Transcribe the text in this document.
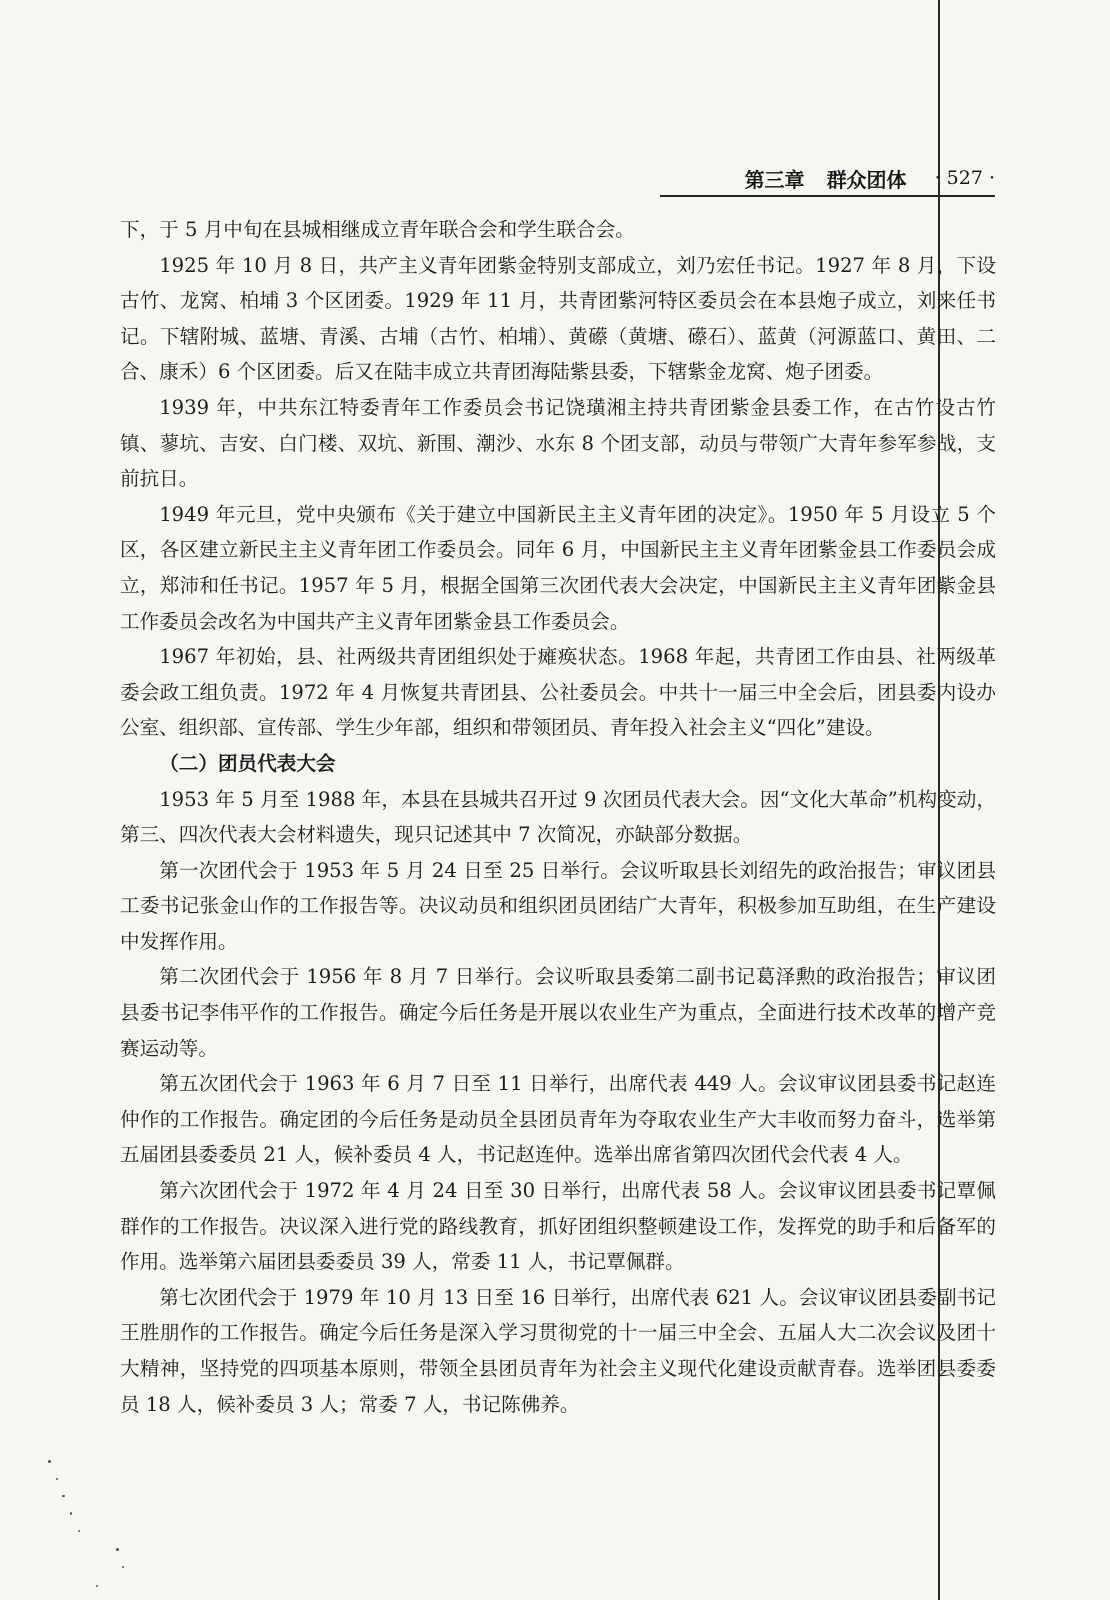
第三章 群众团体 · 527 ·

下，于 5 月中旬在县城相继成立青年联合会和学生联合会。

1925 年 10 月 8 日，共产主义青年团紫金特别支部成立，刘乃宏任书记。1927 年 8 月，下设古竹、龙窝、柏埔 3 个区团委。1929 年 11 月，共青团紫河特区委员会在本县炮子成立，刘来任书记。下辖附城、蓝塘、青溪、古埔（古竹、柏埔）、黄礤（黄塘、礤石）、蓝黄（河源蓝口、黄田、二合、康禾）6 个区团委。后又在陆丰成立共青团海陆紫县委，下辖紫金龙窝、炮子团委。

1939 年，中共东江特委青年工作委员会书记饶璜湘主持共青团紫金县委工作，在古竹设古竹镇、蓼坑、吉安、白门楼、双坑、新围、潮沙、水东 8 个团支部，动员与带领广大青年参军参战，支前抗日。

1949 年元旦，党中央颁布《关于建立中国新民主主义青年团的决定》。1950 年 5 月设立 5 个区，各区建立新民主主义青年团工作委员会。同年 6 月，中国新民主主义青年团紫金县工作委员会成立，郑沛和任书记。1957 年 5 月，根据全国第三次团代表大会决定，中国新民主主义青年团紫金县工作委员会改名为中国共产主义青年团紫金县工作委员会。

1967 年初始，县、社两级共青团组织处于瘫痪状态。1968 年起，共青团工作由县、社两级革委会政工组负责。1972 年 4 月恢复共青团县、公社委员会。中共十一届三中全会后，团县委内设办公室、组织部、宣传部、学生少年部，组织和带领团员、青年投入社会主义“四化”建设。

（二）团员代表大会

1953 年 5 月至 1988 年，本县在县城共召开过 9 次团员代表大会。因“文化大革命”机构变动，第三、四次代表大会材料遗失，现只记述其中 7 次简况，亦缺部分数据。

第一次团代会于 1953 年 5 月 24 日至 25 日举行。会议听取县长刘绍先的政治报告；审议团县工委书记张金山作的工作报告等。决议动员和组织团员团结广大青年，积极参加互助组，在生产建设中发挥作用。

第二次团代会于 1956 年 8 月 7 日举行。会议听取县委第二副书记葛泽勲的政治报告；审议团县委书记李伟平作的工作报告。确定今后任务是开展以农业生产为重点，全面进行技术改革的增产竞赛运动等。

第五次团代会于 1963 年 6 月 7 日至 11 日举行，出席代表 449 人。会议审议团县委书记赵连仲作的工作报告。确定团的今后任务是动员全县团员青年为夺取农业生产大丰收而努力奋斗，选举第五届团县委委员 21 人，候补委员 4 人，书记赵连仲。选举出席省第四次团代会代表 4 人。

第六次团代会于 1972 年 4 月 24 日至 30 日举行，出席代表 58 人。会议审议团县委书记覃佩群作的工作报告。决议深入进行党的路线教育，抓好团组织整顿建设工作，发挥党的助手和后备军的作用。选举第六届团县委委员 39 人，常委 11 人，书记覃佩群。

第七次团代会于 1979 年 10 月 13 日至 16 日举行，出席代表 621 人。会议审议团县委副书记王胜朋作的工作报告。确定今后任务是深入学习贯彻党的十一届三中全会、五届人大二次会议及团十大精神，坚持党的四项基本原则，带领全县团员青年为社会主义现代化建设贡献青春。选举团县委委员 18 人，候补委员 3 人；常委 7 人，书记陈佛养。
